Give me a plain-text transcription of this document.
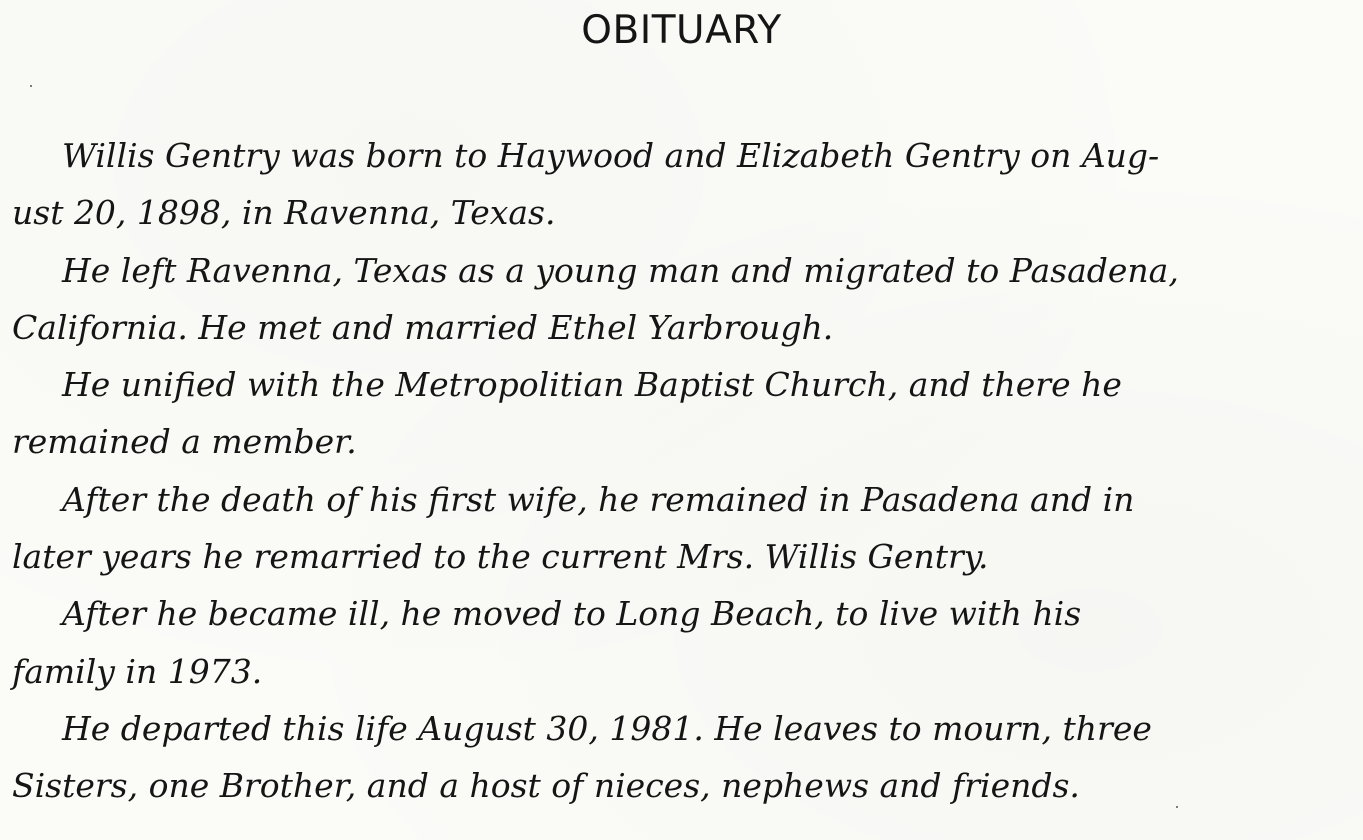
OBITUARY
Willis Gentry was born to Haywood and Elizabeth Gentry on Aug-
ust 20, 1898, in Ravenna, Texas.
He left Ravenna, Texas as a young man and migrated to Pasadena,
California. He met and married Ethel Yarbrough.
He unified with the Metropolitian Baptist Church, and there he
remained a member.
After the death of his first wife, he remained in Pasadena and in
later years he remarried to the current Mrs. Willis Gentry.
After he became ill, he moved to Long Beach, to live with his
family in 1973.
He departed this life August 30, 1981. He leaves to mourn, three
Sisters, one Brother, and a host of nieces, nephews and friends.
